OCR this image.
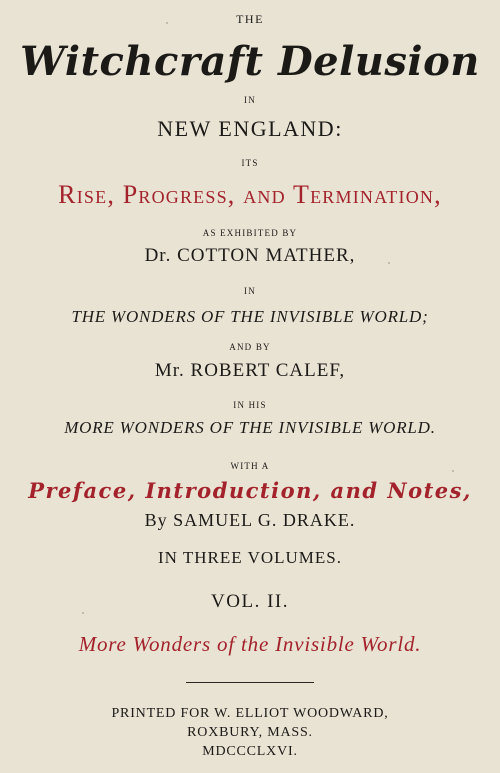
THE
Witchcraft Delusion
IN
NEW ENGLAND:
ITS
Rise, Progress, and Termination,
AS EXHIBITED BY
Dr. COTTON MATHER,
IN
THE WONDERS OF THE INVISIBLE WORLD;
AND BY
Mr. ROBERT CALEF,
IN HIS
MORE WONDERS OF THE INVISIBLE WORLD.
WITH A
Preface, Introduction, and Notes,
By SAMUEL G. DRAKE.
IN THREE VOLUMES.
VOL. II.
More Wonders of the Invisible World.
PRINTED FOR W. ELLIOT WOODWARD,
ROXBURY, MASS.
MDCCCLXVI.
